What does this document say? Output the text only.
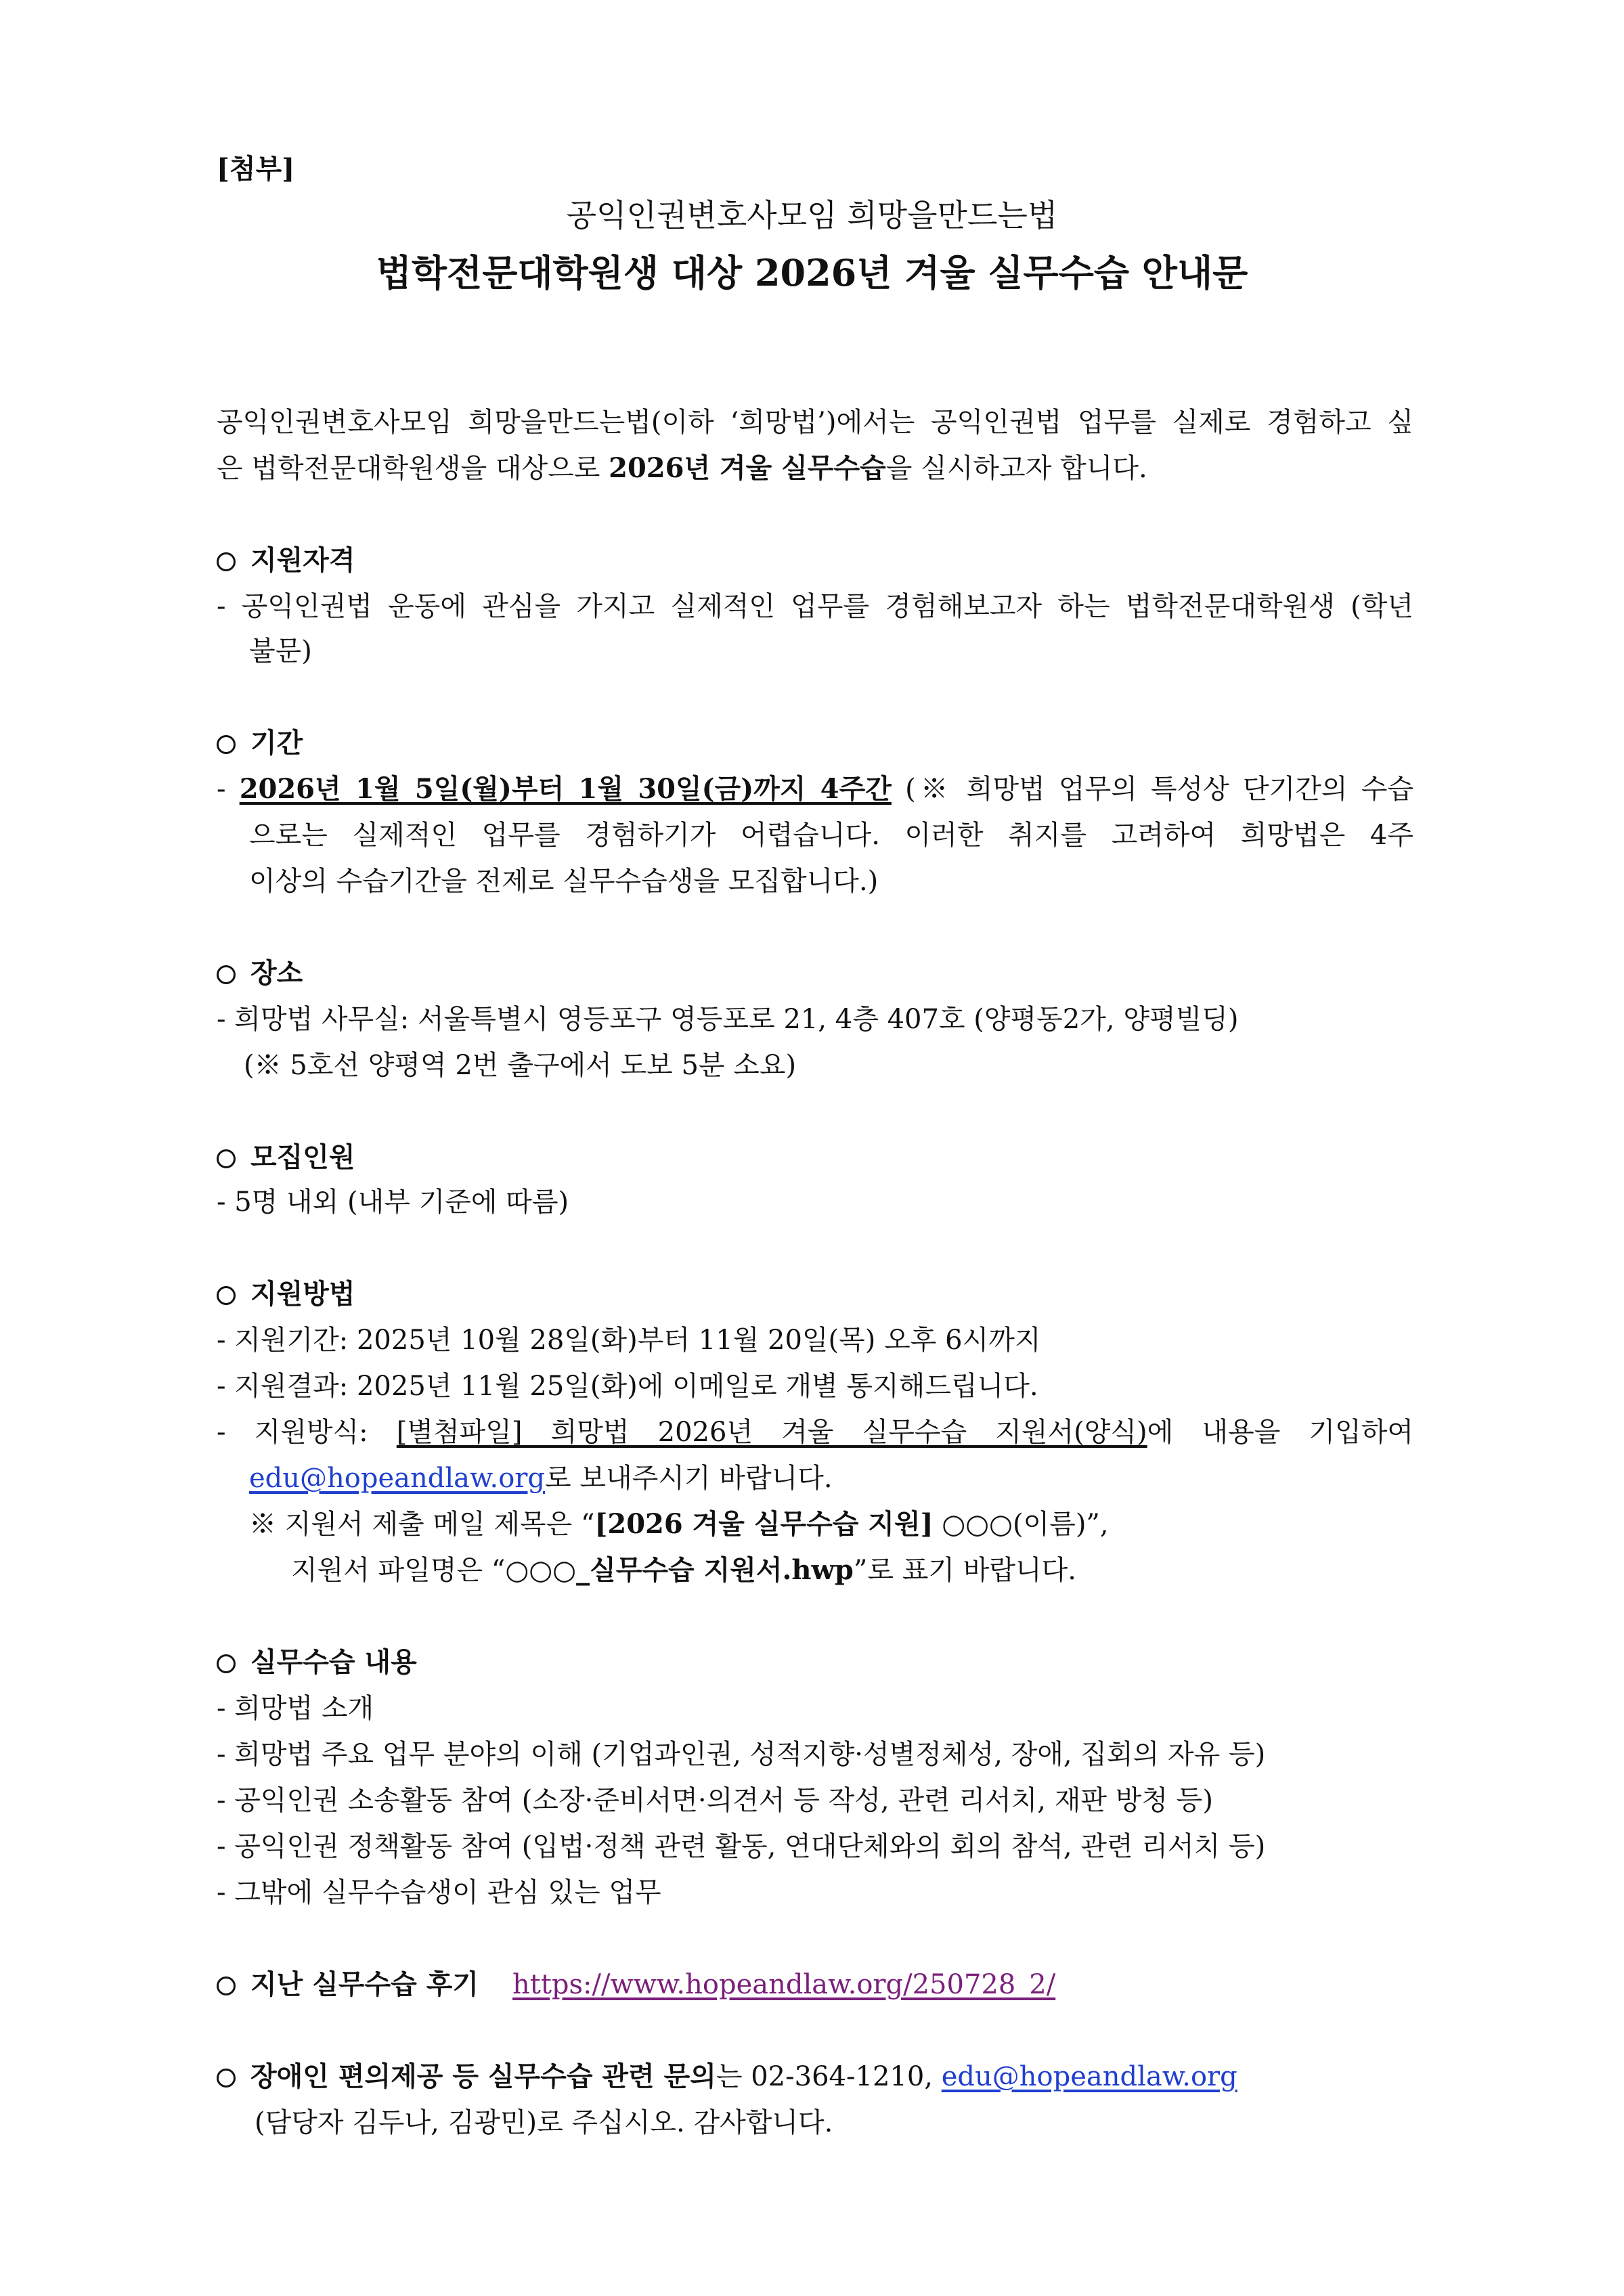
[첨부]
공익인권변호사모임 희망을만드는법
법학전문대학원생 대상 2026년 겨울 실무수습 안내문
공익인권변호사모임 희망을만드는법(이하 ‘희망법’)에서는 공익인권법 업무를 실제로 경험하고 싶
은 법학전문대학원생을 대상으로 2026년 겨울 실무수습을 실시하고자 합니다.
지원자격
- 공익인권법 운동에 관심을 가지고 실제적인 업무를 경험해보고자 하는 법학전문대학원생 (학년
불문)
기간
- 2026년 1월 5일(월)부터 1월 30일(금)까지 4주간 (※ 희망법 업무의 특성상 단기간의 수습
으로는 실제적인 업무를 경험하기가 어렵습니다. 이러한 취지를 고려하여 희망법은 4주
이상의 수습기간을 전제로 실무수습생을 모집합니다.)
장소
- 희망법 사무실: 서울특별시 영등포구 영등포로 21, 4층 407호 (양평동2가, 양평빌딩)
(※ 5호선 양평역 2번 출구에서 도보 5분 소요)
모집인원
- 5명 내외 (내부 기준에 따름)
지원방법
- 지원기간: 2025년 10월 28일(화)부터 11월 20일(목) 오후 6시까지
- 지원결과: 2025년 11월 25일(화)에 이메일로 개별 통지해드립니다.
- 지원방식: [별첨파일] 희망법 2026년 겨울 실무수습 지원서(양식)에 내용을 기입하여
edu@hopeandlaw.org로 보내주시기 바랍니다.
※ 지원서 제출 메일 제목은 “[2026 겨울 실무수습 지원] ○○○(이름)”,
지원서 파일명은 “○○○_실무수습 지원서.hwp”로 표기 바랍니다.
실무수습 내용
- 희망법 소개
- 희망법 주요 업무 분야의 이해 (기업과인권, 성적지향·성별정체성, 장애, 집회의 자유 등)
- 공익인권 소송활동 참여 (소장·준비서면·의견서 등 작성, 관련 리서치, 재판 방청 등)
- 공익인권 정책활동 참여 (입법·정책 관련 활동, 연대단체와의 회의 참석, 관련 리서치 등)
- 그밖에 실무수습생이 관심 있는 업무
지난 실무수습 후기 https://www.hopeandlaw.org/250728_2/
장애인 편의제공 등 실무수습 관련 문의는 02-364-1210, edu@hopeandlaw.org
(담당자 김두나, 김광민)로 주십시오. 감사합니다.
